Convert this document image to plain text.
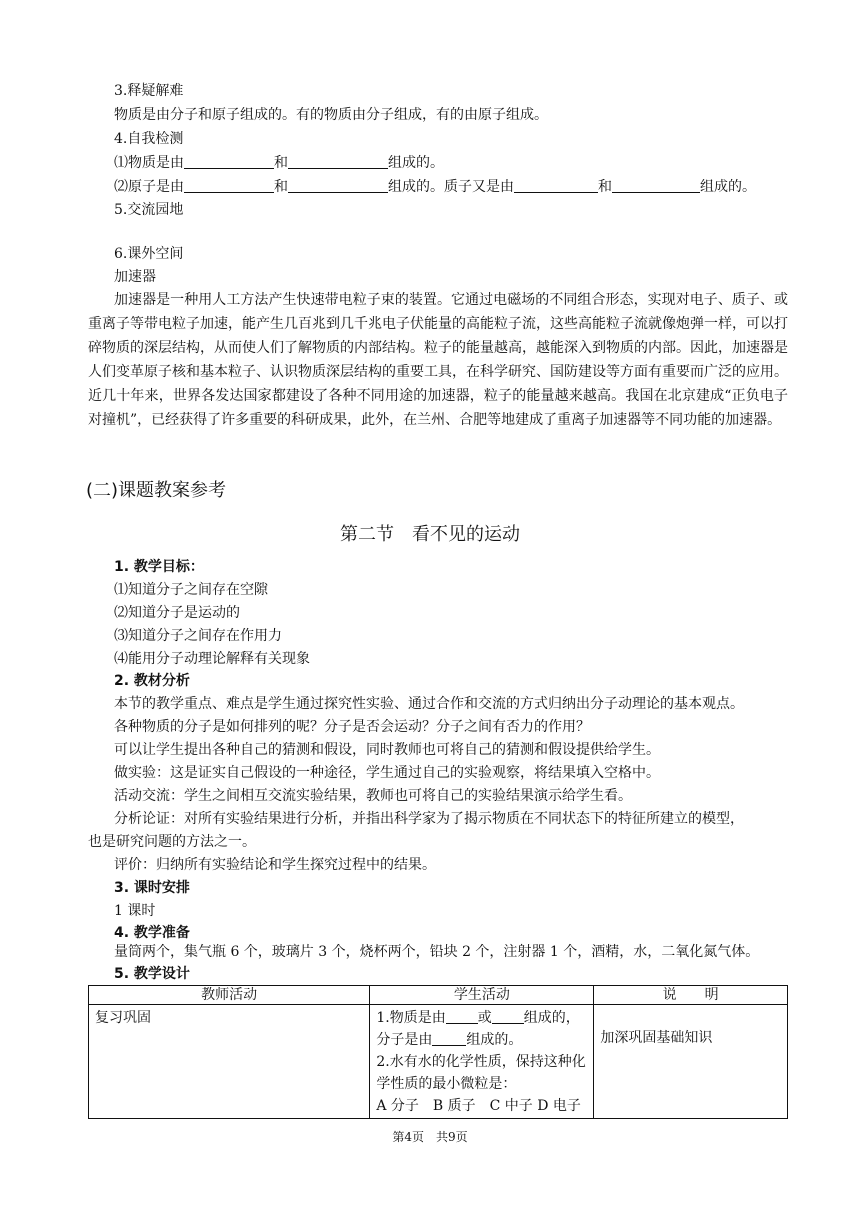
3.释疑解难
物质是由分子和原子组成的。有的物质由分子组成，有的由原子组成。
4.自我检测
⑴物质是由	和	组成的。
⑵原子是由	和	组成的。质子又是由	和	组成的。
5.交流园地
6.课外空间
加速器
加速器是一种用人工方法产生快速带电粒子束的装置。它通过电磁场的不同组合形态，实现对电子、质子、或重离子等带电粒子加速，能产生几百兆到几千兆电子伏能量的高能粒子流，这些高能粒子流就像炮弹一样，可以打碎物质的深层结构，从而使人们了解物质的内部结构。粒子的能量越高，越能深入到物质的内部。因此，加速器是人们变革原子核和基本粒子、认识物质深层结构的重要工具，在科学研究、国防建设等方面有重要而广泛的应用。近几十年来，世界各发达国家都建设了各种不同用途的加速器，粒子的能量越来越高。我国在北京建成“正负电子对撞机”，已经获得了许多重要的科研成果，此外，在兰州、合肥等地建成了重离子加速器等不同功能的加速器。
(二)课题教案参考
第二节　看不见的运动
1. 教学目标：
⑴知道分子之间存在空隙
⑵知道分子是运动的
⑶知道分子之间存在作用力
⑷能用分子动理论解释有关现象
2. 教材分析
本节的教学重点、难点是学生通过探究性实验、通过合作和交流的方式归纳出分子动理论的基本观点。
各种物质的分子是如何排列的呢？分子是否会运动？分子之间有否力的作用？
可以让学生提出各种自己的猜测和假设，同时教师也可将自己的猜测和假设提供给学生。
做实验：这是证实自己假设的一种途径，学生通过自己的实验观察，将结果填入空格中。
活动交流：学生之间相互交流实验结果，教师也可将自己的实验结果演示给学生看。
分析论证：对所有实验结果进行分析，并指出科学家为了揭示物质在不同状态下的特征所建立的模型，
也是研究问题的方法之一。
评价：归纳所有实验结论和学生探究过程中的结果。
3. 课时安排
1 课时
4. 教学准备
量筒两个，集气瓶 6 个，玻璃片 3 个，烧杯两个，铅块 2 个，注射器 1 个，酒精，水，二氧化氮气体。
5. 教学设计
教师活动	学生活动	说　　明
复习巩固	1.物质是由 或 组成的，
分子是由 组成的。
2.水有水的化学性质，保持这种化
学性质的最小微粒是：
A 分子　B 质子　C 中子 D 电子	加深巩固基础知识
第4页　共9页
